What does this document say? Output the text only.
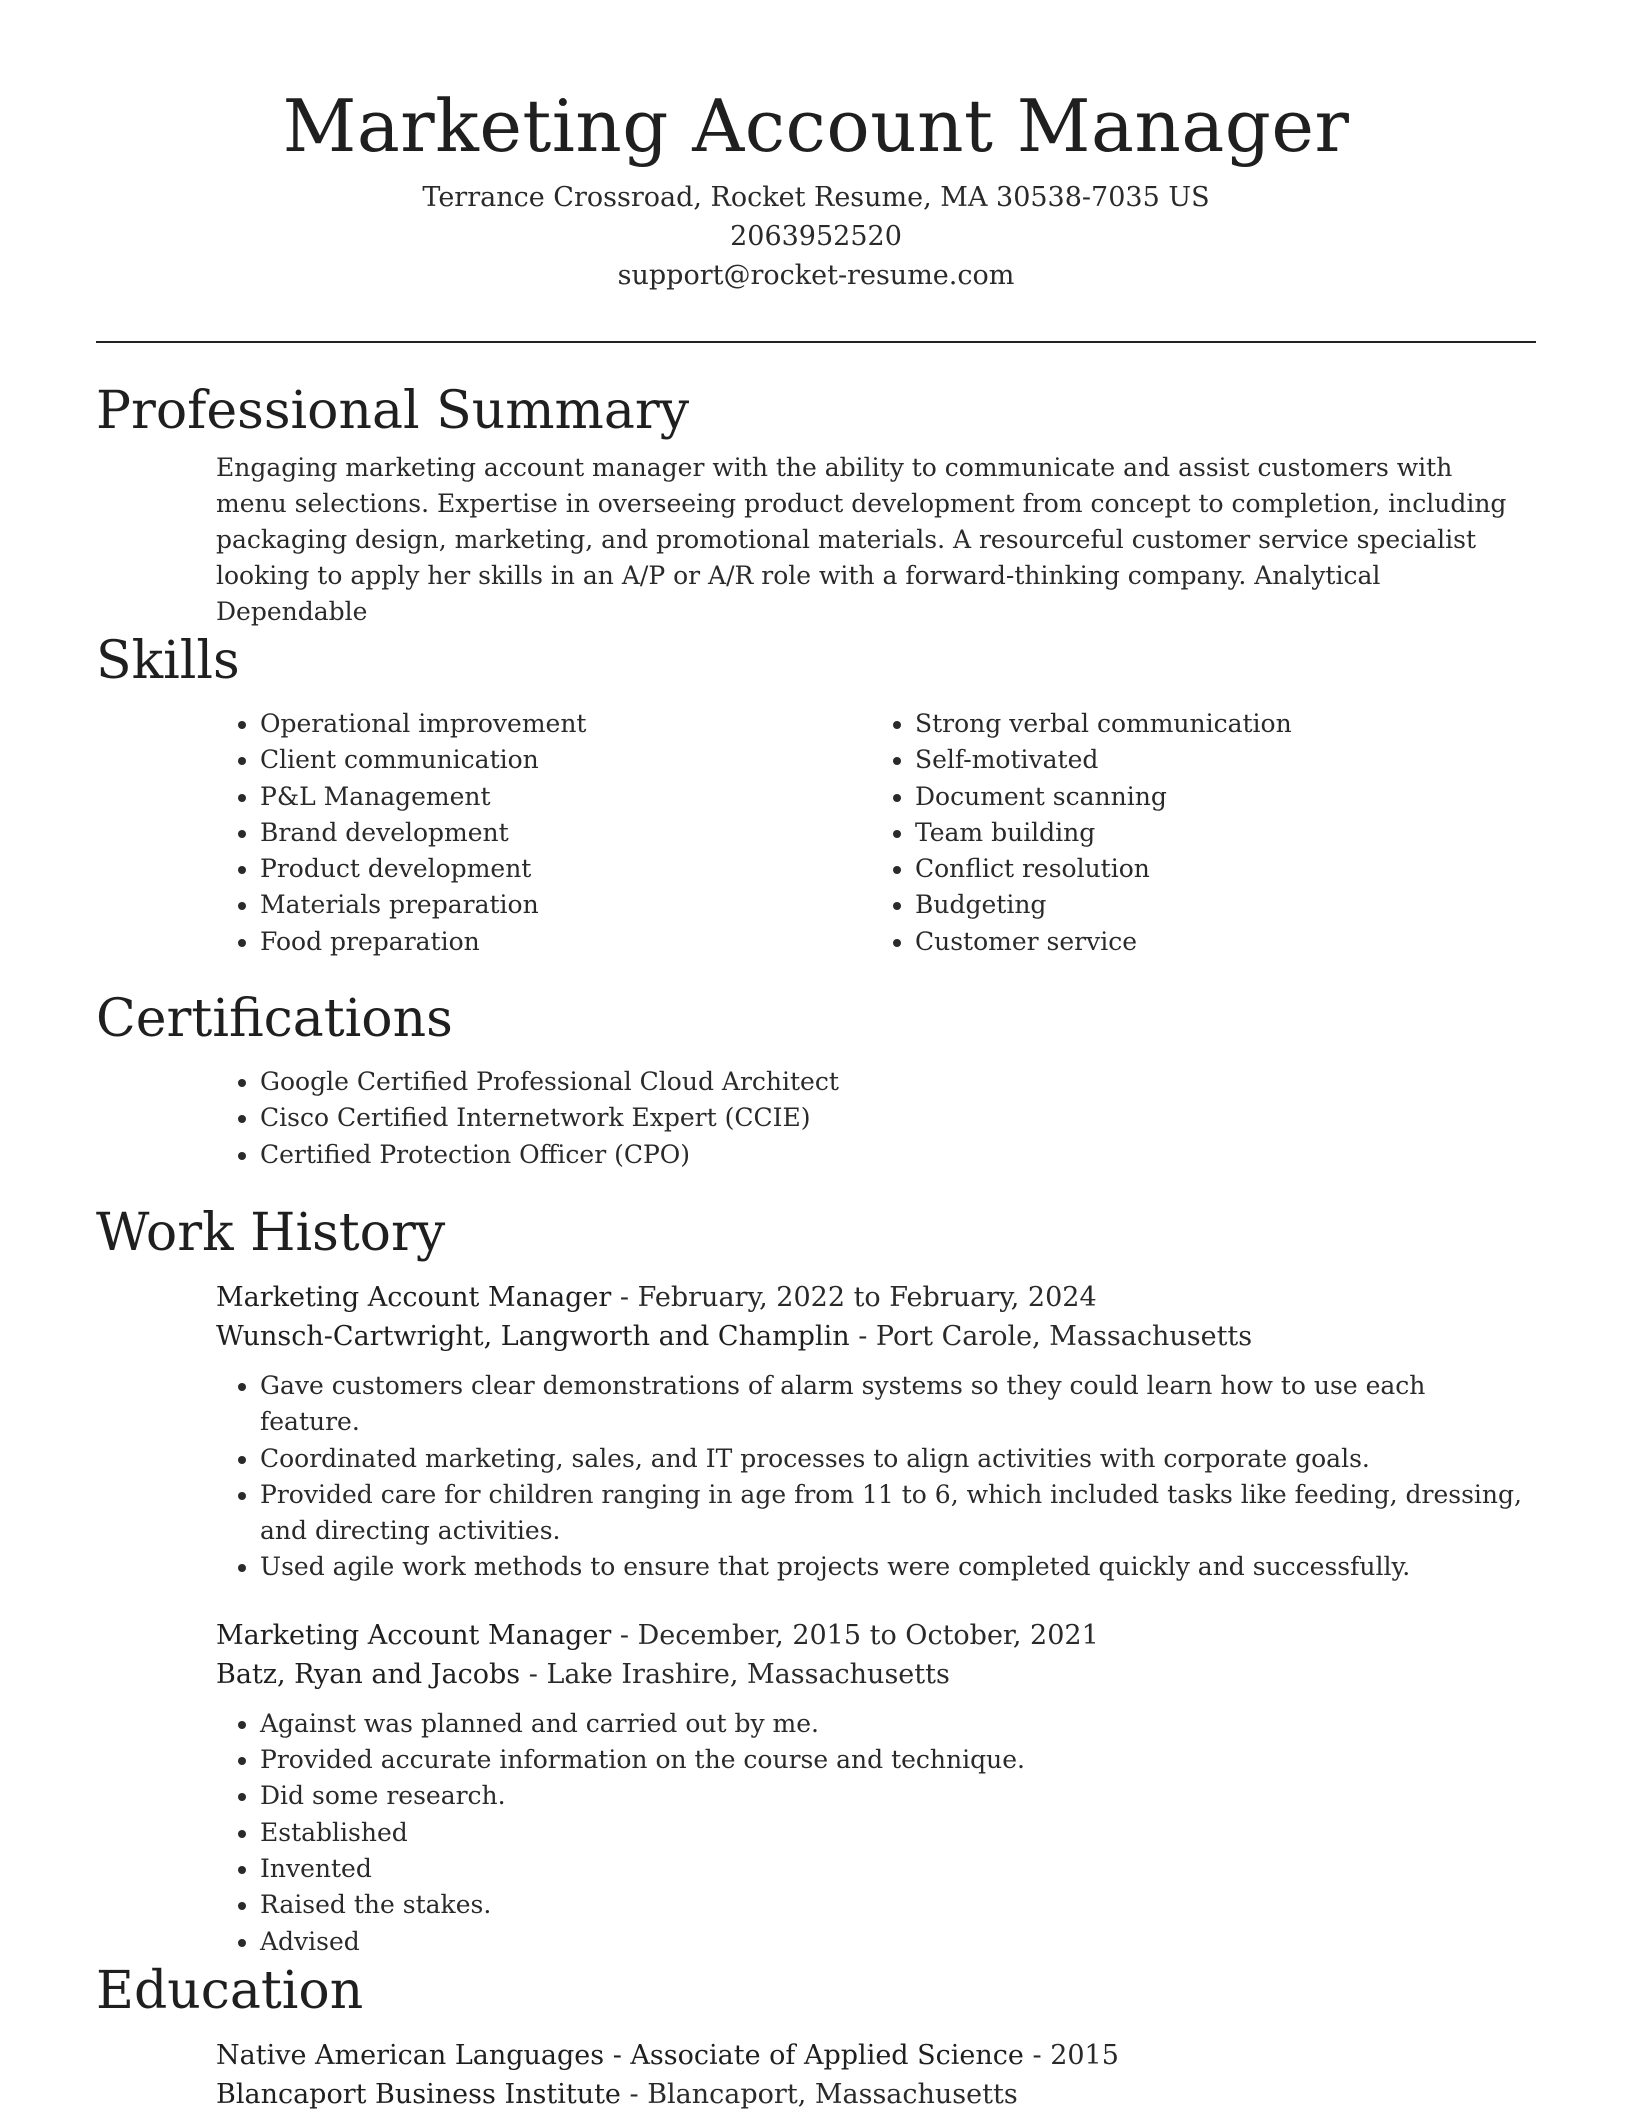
Marketing Account Manager
Terrance Crossroad, Rocket Resume, MA 30538-7035 US
2063952520
support@rocket-resume.com
Professional Summary

Engaging marketing account manager with the ability to communicate and assist customers with menu selections. Expertise in overseeing product development from concept to completion, including packaging design, marketing, and promotional materials. A resourceful customer service specialist looking to apply her skills in an A/P or A/R role with a forward-thinking company. Analytical Dependable

Skills
• Operational improvement
• Client communication
• P&L Management
• Brand development
• Product development
• Materials preparation
• Food preparation
• Strong verbal communication
• Self-motivated
• Document scanning
• Team building
• Conflict resolution
• Budgeting
• Customer service
Certifications
• Google Certified Professional Cloud Architect
• Cisco Certified Internetwork Expert (CCIE)
• Certified Protection Officer (CPO)
Work History
Marketing Account Manager - February, 2022 to February, 2024
Wunsch-Cartwright, Langworth and Champlin - Port Carole, Massachusetts
• Gave customers clear demonstrations of alarm systems so they could learn how to use each feature.
• Coordinated marketing, sales, and IT processes to align activities with corporate goals.
• Provided care for children ranging in age from 11 to 6, which included tasks like feeding, dressing, and directing activities.
• Used agile work methods to ensure that projects were completed quickly and successfully.
Marketing Account Manager - December, 2015 to October, 2021
Batz, Ryan and Jacobs - Lake Irashire, Massachusetts
• Against was planned and carried out by me.
• Provided accurate information on the course and technique.
• Did some research.
• Established
• Invented
• Raised the stakes.
• Advised
Education
Native American Languages - Associate of Applied Science - 2015
Blancaport Business Institute - Blancaport, Massachusetts
